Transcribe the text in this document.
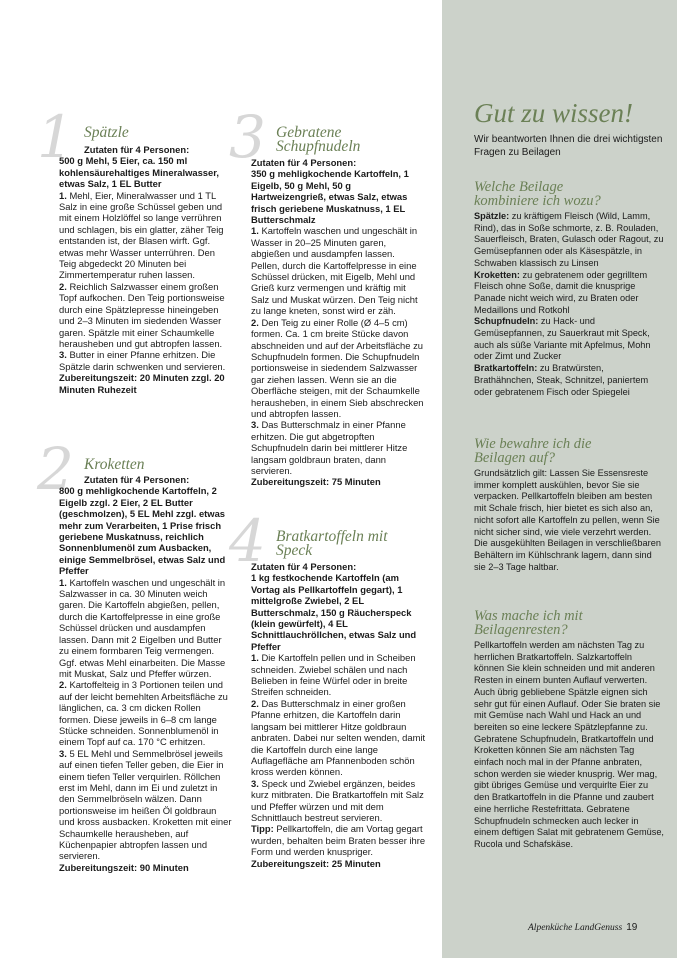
1 Spätzle
Zutaten für 4 Personen:
500 g Mehl, 5 Eier, ca. 150 ml kohlensäurehaltiges Mineralwasser, etwas Salz, 1 EL Butter

1. Mehl, Eier, Mineralwasser und 1 TL Salz in eine große Schüssel geben und mit einem Holzlöffel so lange verrühren und schlagen, bis ein glatter, zäher Teig entstanden ist, der Blasen wirft. Ggf. etwas mehr Wasser unterrühren. Den Teig abgedeckt 20 Minuten bei Zimmertemperatur ruhen lassen.

2. Reichlich Salzwasser einem großen Topf aufkochen. Den Teig portionsweise durch eine Spätzlepresse hineingeben und 2–3 Minuten im siedenden Wasser garen. Spätzle mit einer Schaumkelle herausheben und gut abtropfen lassen.

3. Butter in einer Pfanne erhitzen. Die Spätzle darin schwenken und servieren.

Zubereitungszeit: 20 Minuten zzgl. 20 Minuten Ruhezeit
2 Kroketten
Zutaten für 4 Personen:
800 g mehligkochende Kartoffeln, 2 Eigelb zzgl. 2 Eier, 2 EL Butter (geschmolzen), 5 EL Mehl zzgl. etwas mehr zum Verarbeiten, 1 Prise frisch geriebene Muskatnuss, reichlich Sonnenblumenöl zum Ausbacken, einige Semmelbrösel, etwas Salz und Pfeffer

1. Kartoffeln waschen und ungeschält in Salzwasser in ca. 30 Minuten weich garen. Die Kartoffeln abgießen, pellen, durch die Kartoffelpresse in eine große Schüssel drücken und ausdampfen lassen. Dann mit 2 Eigelben und Butter zu einem formbaren Teig vermengen. Ggf. etwas Mehl einarbeiten. Die Masse mit Muskat, Salz und Pfeffer würzen.

2. Kartoffelteig in 3 Portionen teilen und auf der leicht bemehlten Arbeitsfläche zu länglichen, ca. 3 cm dicken Rollen formen. Diese jeweils in 6–8 cm lange Stücke schneiden. Sonnenblumenöl in einem Topf auf ca. 170 °C erhitzen.

3. 5 EL Mehl und Semmelbrösel jeweils auf einen tiefen Teller geben, die Eier in einem tiefen Teller verquirlen. Röllchen erst im Mehl, dann im Ei und zuletzt in den Semmelbröseln wälzen. Dann portionsweise im heißen Öl goldbraun und kross ausbacken. Kroketten mit einer Schaumkelle herausheben, auf Küchenpapier abtropfen lassen und servieren.

Zubereitungszeit: 90 Minuten
3 Gebratene Schupfnudeln
Zutaten für 4 Personen:
350 g mehligkochende Kartoffeln, 1 Eigelb, 50 g Mehl, 50 g Hartweizengrieß, etwas Salz, etwas frisch geriebene Muskatnuss, 1 EL Butterschmalz

1. Kartoffeln waschen und ungeschält in Wasser in 20–25 Minuten garen, abgießen und ausdampfen lassen. Pellen, durch die Kartoffelpresse in eine Schüssel drücken, mit Eigelb, Mehl und Grieß kurz vermengen und kräftig mit Salz und Muskat würzen. Den Teig nicht zu lange kneten, sonst wird er zäh.

2. Den Teig zu einer Rolle (Ø 4–5 cm) formen. Ca. 1 cm breite Stücke davon abschneiden und auf der Arbeitsfläche zu Schupfnudeln formen. Die Schupfnudeln portionsweise in siedendem Salzwasser gar ziehen lassen. Wenn sie an die Oberfläche steigen, mit der Schaumkelle herausheben, in einem Sieb abschrecken und abtropfen lassen.

3. Das Butterschmalz in einer Pfanne erhitzen. Die gut abgetropften Schupfnudeln darin bei mittlerer Hitze langsam goldbraun braten, dann servieren.

Zubereitungszeit: 75 Minuten
4 Bratkartoffeln mit Speck
Zutaten für 4 Personen:
1 kg festkochende Kartoffeln (am Vortag als Pellkartoffeln gegart), 1 mittelgroße Zwiebel, 2 EL Butterschmalz, 150 g Räucherspeck (klein gewürfelt), 4 EL Schnittlauchröllchen, etwas Salz und Pfeffer

1. Die Kartoffeln pellen und in Scheiben schneiden. Zwiebel schälen und nach Belieben in feine Würfel oder in breite Streifen schneiden.

2. Das Butterschmalz in einer großen Pfanne erhitzen, die Kartoffeln darin langsam bei mittlerer Hitze goldbraun anbraten. Dabei nur selten wenden, damit die Kartoffeln durch eine lange Auflagefläche am Pfannenboden schön kross werden können.

3. Speck und Zwiebel ergänzen, beides kurz mitbraten. Die Bratkartoffeln mit Salz und Pfeffer würzen und mit dem Schnittlauch bestreut servieren.

Tipp: Pellkartoffeln, die am Vortag gegart wurden, behalten beim Braten besser ihre Form und werden knuspriger.

Zubereitungszeit: 25 Minuten
Gut zu wissen!
Wir beantworten Ihnen die drei wichtigsten Fragen zu Beilagen
Welche Beilage kombiniere ich wozu?

Spätzle: zu kräftigem Fleisch (Wild, Lamm, Rind), das in Soße schmorte, z. B. Rouladen, Sauerfleisch, Braten, Gulasch oder Ragout, zu Gemüsepfannen oder als Käsespätzle, in Schwaben klassisch zu Linsen

Kroketten: zu gebratenem oder gegrilltem Fleisch ohne Soße, damit die knusprige Panade nicht weich wird, zu Braten oder Medaillons und Rotkohl

Schupfnudeln: zu Hack- und Gemüsepfannen, zu Sauerkraut mit Speck, auch als süße Variante mit Apfelmus, Mohn oder Zimt und Zucker

Bratkartoffeln: zu Bratwürsten, Brathähnchen, Steak, Schnitzel, paniertem oder gebratenem Fisch oder Spiegelei

Wie bewahre ich die Beilagen auf?

Grundsätzlich gilt: Lassen Sie Essensreste immer komplett auskühlen, bevor Sie sie verpacken. Pellkartoffeln bleiben am besten mit Schale frisch, hier bietet es sich also an, nicht sofort alle Kartoffeln zu pellen, wenn Sie nicht sicher sind, wie viele verzehrt werden. Die ausgekühlten Beilagen in verschließbaren Behältern im Kühlschrank lagern, dann sind sie 2–3 Tage haltbar.

Was mache ich mit Beilagenresten?

Pellkartoffeln werden am nächsten Tag zu herrlichen Bratkartoffeln. Salzkartoffeln können Sie klein schneiden und mit anderen Resten in einem bunten Auflauf verwerten. Auch übrig gebliebene Spätzle eignen sich sehr gut für einen Auflauf. Oder Sie braten sie mit Gemüse nach Wahl und Hack an und bereiten so eine leckere Spätzlepfanne zu. Gebratene Schupfnudeln, Bratkartoffeln und Kroketten können Sie am nächsten Tag einfach noch mal in der Pfanne anbraten, schon werden sie wieder knusprig. Wer mag, gibt übriges Gemüse und verquirlte Eier zu den Bratkartoffeln in die Pfanne und zaubert eine herrliche Restefrittata. Gebratene Schupfnudeln schmecken auch lecker in einem deftigen Salat mit gebratenem Gemüse, Rucola und Schafskäse.

Alpenküche LandGenuss 19
